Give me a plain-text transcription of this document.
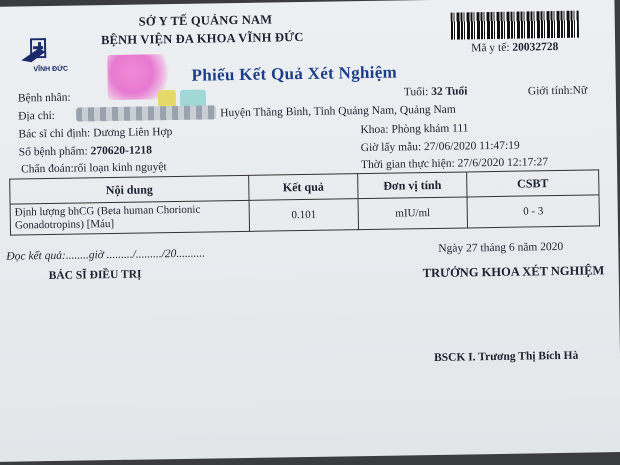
VĨNH ĐỨC
SỞ Y TẾ QUẢNG NAM
BỆNH VIỆN ĐA KHOA VĨNH ĐỨC
Mã y tế: 20032728
Phiếu Kết Quả Xét Nghiệm
Bệnh nhân:	Tuổi: 32 Tuổi	Giới tính:Nữ
Địa chỉ:	Huyện Thăng Bình, Tỉnh Quảng Nam, Quảng Nam
Bác sĩ chỉ định: Dương Liên Hợp	Khoa: Phòng khám 111
Số bệnh phẩm: 270620-1218	Giờ lấy mẫu: 27/06/2020 11:47:19
Chẩn đoán:rối loạn kinh nguyệt	Thời gian thực hiện: 27/6/2020 12:17:27
Nội dung	Kết quả	Đơn vị tính	CSBT
Định lượng bhCG (Beta human Chorionic Gonadotropins) [Máu]	0.101	mIU/ml	0 - 3
Đọc kết quả:........giờ ........./........./20..........	Ngày 27 tháng 6 năm 2020
BÁC SĨ ĐIỀU TRỊ	TRƯỞNG KHOA XÉT NGHIỆM
BSCK I. Trương Thị Bích Hà
